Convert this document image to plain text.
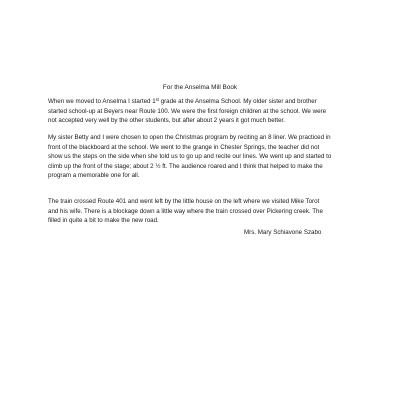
For the Anselma Mill Book

When we moved to Anselma I started 1st grade at the Anselma School. My older sister and brother
started school-up at Beyers near Route 100. We were the first foreign children at the school. We were
not accepted very well by the other students, but after about 2 years it got much better.

My sister Betty and I were chosen to open the Christmas program by reciting an 8 liner. We practiced in
front of the blackboard at the school. We went to the grange in Chester Springs, the teacher did not
show us the steps on the side when she told us to go up and recite our lines. We went up and started to
climb up the front of the stage; about 2 ½ ft. The audience roared and I think that helped to make the
program a memorable one for all.

The train crossed Route 401 and went left by the little house on the left where we visited Mike Torot
and his wife. There is a blockage down a little way where the train crossed over Pickering creek. The
filled in quite a bit to make the new road.

Mrs. Mary Schiavone Szabo
